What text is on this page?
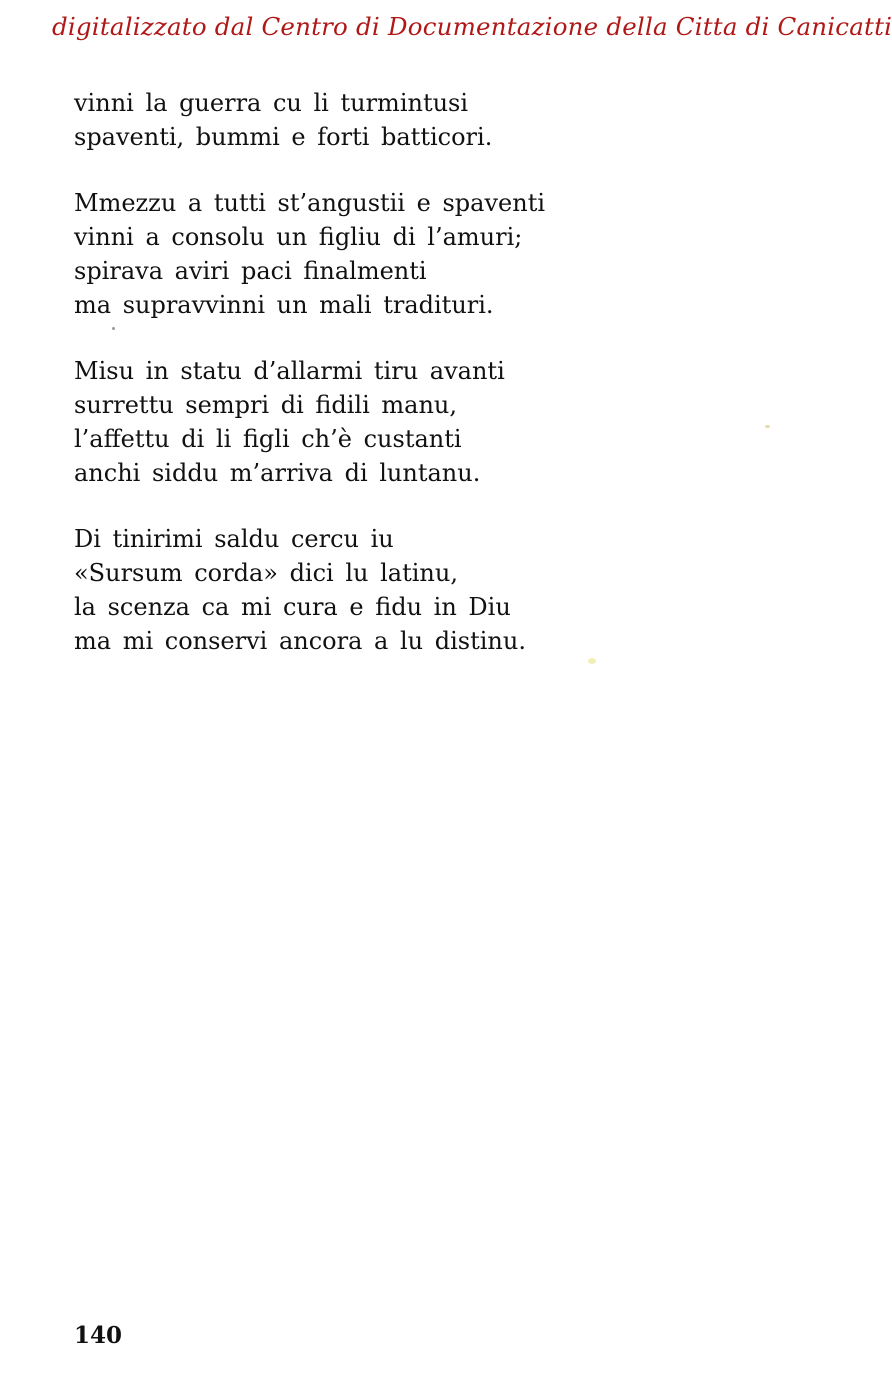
digitalizzato dal Centro di Documentazione della Citta di Canicatti
vinni la guerra cu li turmintusi
spaventi, bummi e forti batticori.
Mmezzu a tutti st’angustii e spaventi
vinni a consolu un figliu di l’amuri;
spirava aviri paci finalmenti
ma supravvinni un mali tradituri.
Misu in statu d’allarmi tiru avanti
surrettu sempri di fidili manu,
l’affettu di li figli ch’è custanti
anchi siddu m’arriva di luntanu.
Di tinirimi saldu cercu iu
«Sursum corda» dici lu latinu,
la scenza ca mi cura e fidu in Diu
ma mi conservi ancora a lu distinu.
140
